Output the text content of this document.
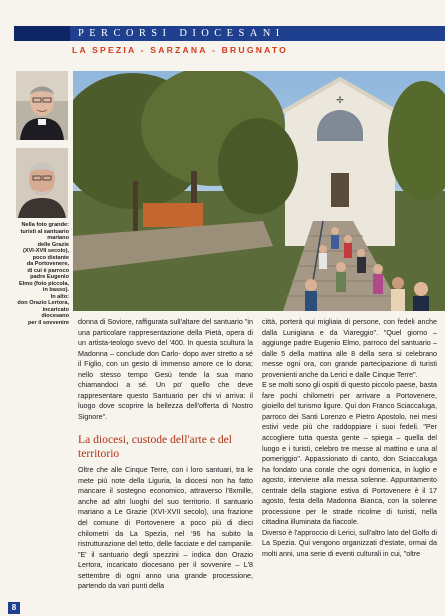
PERCORSI DIOCESANI
LA SPEZIA - SARZANA - BRUGNATO
Nella foto grande:
turisti al santuario
mariano
delle Grazie
(XVI-XVII secolo),
poco distante
da Portovenere,
di cui è parroco
padre Eugenio
Elmo (foto piccola,
in basso).
In alto:
don Orazio Lertora,
incaricato
diocesano
per il sovvenire
✢

donna di Soviore, raffigurata sull'altare del santuario "in una particolare rappresentazione della Pietà, opera di un artista-teologo svevo del '400. In questa scultura la Madonna – conclude don Carlo- dopo aver stretto a sé il Figlio, con un gesto di immenso amore ce lo dona; nello stesso tempo Gesù tende la sua mano chiamandoci a sé. Un po' quello che deve rappresentare questo Santuario per chi vi arriva: il luogo dove scoprire la bellezza dell'offerta di Nostro Signore".

La diocesi, custode dell'arte e del territorio

Oltre che alle Cinque Terre, con i loro santuari, tra le mete più note della Liguria, la diocesi non ha fatto mancare il sostegno economico, attraverso l'8xmille, anche ad altri luoghi del suo territorio. Il santuario mariano a Le Grazie (XVI-XVII secolo), una frazione del comune di Portovenere a poco più di dieci chilometri da La Spezia, nel '96 ha subito la ristrutturazione del tetto, delle facciate e del campanile. "E' il santuario degli spezzini – indica don Orazio Lertora, incaricato diocesano per il sovvenire – L'8 settembre di ogni anno una grande processione, partendo da vari punti della

città, porterà qui migliaia di persone, con fedeli anche dalla Lunigiana e da Viareggio". "Quel giorno – aggiunge padre Eugenio Elmo, parroco del santuario – dalle 5 della mattina alle 8 della sera si celebrano messe ogni ora, con grande partecipazione di turisti provenienti anche da Lerici e dalle Cinque Terre".

E se molti sono gli ospiti di questo piccolo paese, basta fare pochi chilometri per arrivare a Portovenere, gioiello del turismo ligure. Qui don Franco Sciaccaluga, parroco dei Santi Lorenzo e Pietro Apostolo, nei mesi estivi vede più che raddoppiare i suoi fedeli. "Per accogliere tutta questa gente – spiega – quella del luogo e i turisti, celebro tre messe al mattino e una al pomeriggio". Appassionato di canto, don Sciaccaluga ha fondato una corale che ogni domenica, in luglio e agosto, interviene alla messa solenne. Appuntamento centrale della stagione estiva di Portovenere è il 17 agosto, festa della Madonna Bianca, con la solenne processione per le strade ricolme di turisti, nella cittadina illuminata da fiaccole.

Diverso è l'approccio di Lerici, sull'altro lato del Golfo di La Spezia. Qui vengono organizzati d'estate, ormai da molti anni, una serie di eventi culturali in cui, "oltre

8
